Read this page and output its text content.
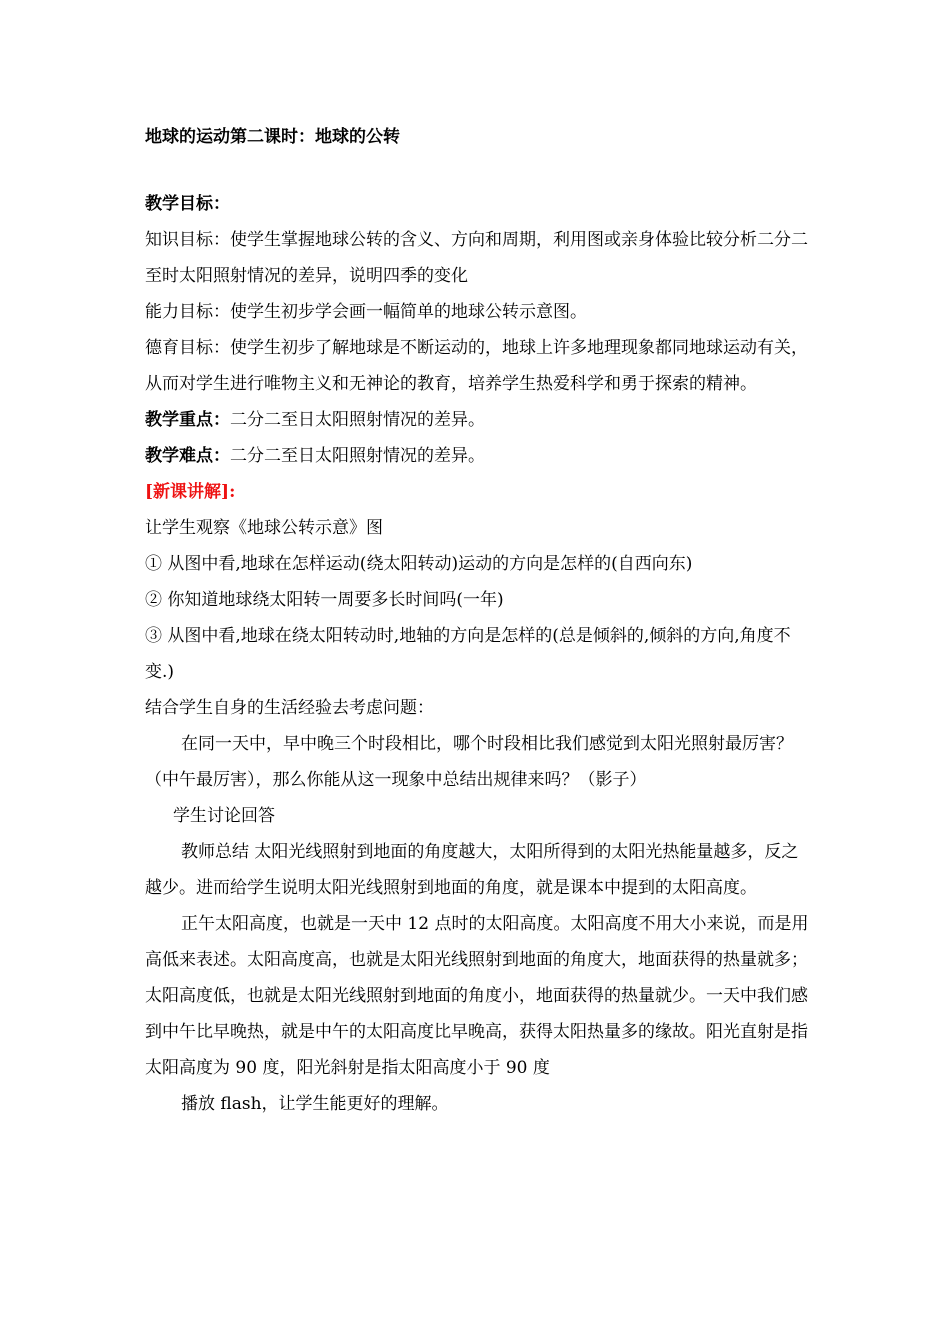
地球的运动第二课时：地球的公转

教学目标：

知识目标：使学生掌握地球公转的含义、方向和周期，利用图或亲身体验比较分析二分二至时太阳照射情况的差异，说明四季的变化

能力目标：使学生初步学会画一幅简单的地球公转示意图。

德育目标：使学生初步了解地球是不断运动的，地球上许多地理现象都同地球运动有关，从而对学生进行唯物主义和无神论的教育，培养学生热爱科学和勇于探索的精神。

教学重点：二分二至日太阳照射情况的差异。

教学难点：二分二至日太阳照射情况的差异。

[新课讲解]:

让学生观察《地球公转示意》图

① 从图中看,地球在怎样运动(绕太阳转动)运动的方向是怎样的(自西向东)

② 你知道地球绕太阳转一周要多长时间吗(一年)

③ 从图中看,地球在绕太阳转动时,地轴的方向是怎样的(总是倾斜的,倾斜的方向,角度不变.)

结合学生自身的生活经验去考虑问题：

在同一天中，早中晚三个时段相比，哪个时段相比我们感觉到太阳光照射最厉害？（中午最厉害），那么你能从这一现象中总结出规律来吗？（影子）

学生讨论回答

教师总结 太阳光线照射到地面的角度越大，太阳所得到的太阳光热能量越多，反之越少。进而给学生说明太阳光线照射到地面的角度，就是课本中提到的太阳高度。

正午太阳高度，也就是一天中 12 点时的太阳高度。太阳高度不用大小来说，而是用高低来表述。太阳高度高，也就是太阳光线照射到地面的角度大，地面获得的热量就多；太阳高度低，也就是太阳光线照射到地面的角度小，地面获得的热量就少。一天中我们感到中午比早晚热，就是中午的太阳高度比早晚高，获得太阳热量多的缘故。阳光直射是指太阳高度为 90 度，阳光斜射是指太阳高度小于 90 度

播放 flash，让学生能更好的理解。
